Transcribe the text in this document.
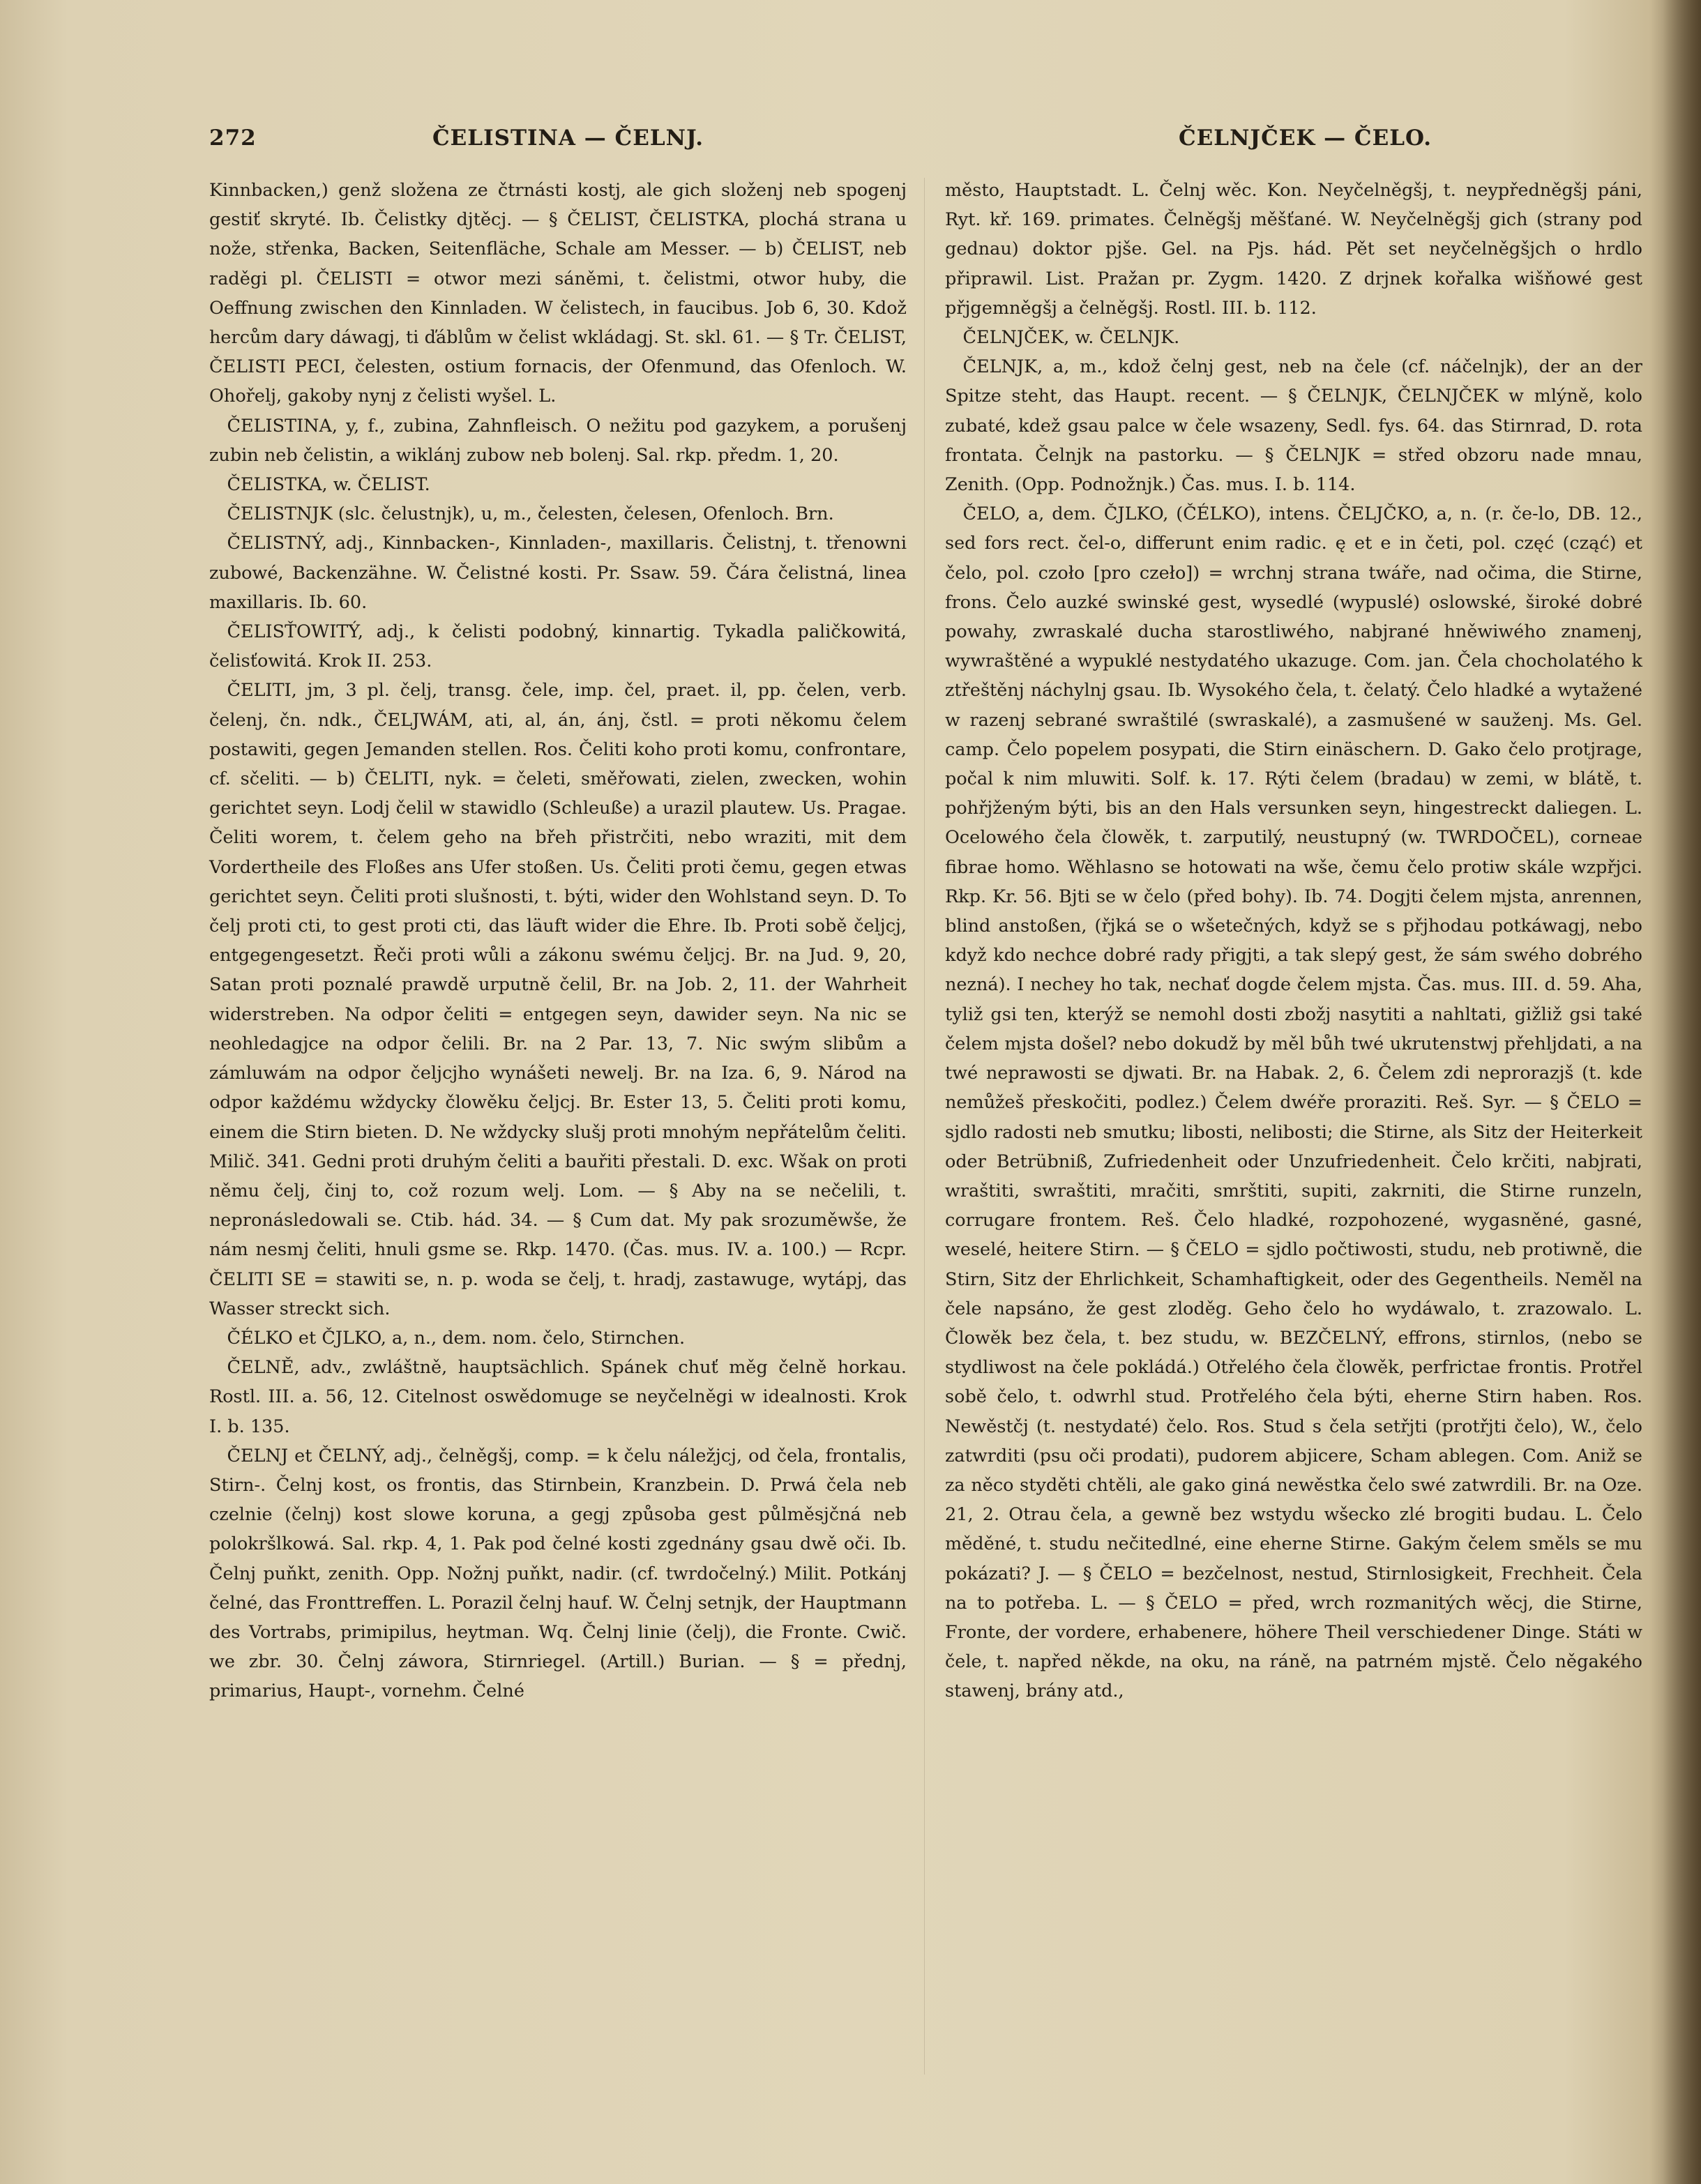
272	ČELISTINA — ČELNJ.	ČELNJČEK — ČELO.

Kinnbacken,) genž složena ze čtrnásti kostj, ale gich složenj neb spogenj gestiť skryté. Ib. Čelistky djtěcj. — § ČELIST, ČELISTKA, plochá strana u nože, střenka, Backen, Seitenfläche, Schale am Messer. — b) ČELIST, neb raděgi pl. ČELISTI = otwor mezi sáněmi, t. čelistmi, otwor huby, die Oeffnung zwischen den Kinnladen. W čelistech, in faucibus. Job 6, 30. Kdož hercům dary dáwagj, ti ďáblům w čelist wkládagj. St. skl. 61. — § Tr. ČELIST, ČELISTI PECI, čelesten, ostium fornacis, der Ofenmund, das Ofenloch. W. Ohořelj, gakoby nynj z čelisti wyšel. L.

ČELISTINA, y, f., zubina, Zahnfleisch. O nežitu pod gazykem, a porušenj zubin neb čelistin, a wiklánj zubow neb bolenj. Sal. rkp. předm. 1, 20.

ČELISTKA, w. ČELIST.

ČELISTNJK (slc. čelustnjk), u, m., čelesten, čelesen, Ofenloch. Brn.

ČELISTNÝ, adj., Kinnbacken-, Kinnladen-, maxillaris. Čelistnj, t. třenowni zubowé, Backenzähne. W. Čelistné kosti. Pr. Ssaw. 59. Čára čelistná, linea maxillaris. Ib. 60.

ČELISŤOWITÝ, adj., k čelisti podobný, kinnartig. Tykadla paličkowitá, čelisťowitá. Krok II. 253.

ČELITI, jm, 3 pl. čelj, transg. čele, imp. čel, praet. il, pp. čelen, verb. čelenj, čn. ndk., ČELJWÁM, ati, al, án, ánj, čstl. = proti někomu čelem postawiti, gegen Jemanden stellen. Ros. Čeliti koho proti komu, confrontare, cf. sčeliti. — b) ČELITI, nyk. = čeleti, směřowati, zielen, zwecken, wohin gerichtet seyn. Lodj čelil w stawidlo (Schleuße) a urazil plautew. Us. Pragae. Čeliti worem, t. čelem geho na břeh přistrčiti, nebo wraziti, mit dem Vordertheile des Floßes ans Ufer stoßen. Us. Čeliti proti čemu, gegen etwas gerichtet seyn. Čeliti proti slušnosti, t. býti, wider den Wohlstand seyn. D. To čelj proti cti, to gest proti cti, das läuft wider die Ehre. Ib. Proti sobě čeljcj, entgegengesetzt. Řeči proti wůli a zákonu swému čeljcj. Br. na Jud. 9, 20, Satan proti poznalé prawdě urputně čelil, Br. na Job. 2, 11. der Wahrheit widerstreben. Na odpor čeliti = entgegen seyn, dawider seyn. Na nic se neohledagjce na odpor čelili. Br. na 2 Par. 13, 7. Nic swým slibům a zámluwám na odpor čeljcjho wynášeti newelj. Br. na Iza. 6, 9. Národ na odpor každému wždycky člowěku čeljcj. Br. Ester 13, 5. Čeliti proti komu, einem die Stirn bieten. D. Ne wždycky slušj proti mnohým nepřátelům čeliti. Milič. 341. Gedni proti druhým čeliti a bauřiti přestali. D. exc. Wšak on proti němu čelj, činj to, což rozum welj. Lom. — § Aby na se nečelili, t. nepronásledowali se. Ctib. hád. 34. — § Cum dat. My pak srozuměwše, že nám nesmj čeliti, hnuli gsme se. Rkp. 1470. (Čas. mus. IV. a. 100.) — Rcpr. ČELITI SE = stawiti se, n. p. woda se čelj, t. hradj, zastawuge, wytápj, das Wasser streckt sich.

ČÉLKO et ČJLKO, a, n., dem. nom. čelo, Stirnchen.

ČELNĚ, adv., zwláštně, hauptsächlich. Spánek chuť měg čelně horkau. Rostl. III. a. 56, 12. Citelnost oswědomuge se neyčelněgi w idealnosti. Krok I. b. 135.

ČELNJ et ČELNÝ, adj., čelněgšj, comp. = k čelu náležjcj, od čela, frontalis, Stirn-. Čelnj kost, os frontis, das Stirnbein, Kranzbein. D. Prwá čela neb czelnie (čelnj) kost slowe koruna, a gegj způsoba gest půlměsjčná neb polokršlkowá. Sal. rkp. 4, 1. Pak pod čelné kosti zgednány gsau dwě oči. Ib. Čelnj puňkt, zenith. Opp. Nožnj puňkt, nadir. (cf. twrdočelný.) Milit. Potkánj čelné, das Fronttreffen. L. Porazil čelnj hauf. W. Čelnj setnjk, der Hauptmann des Vortrabs, primipilus, heytman. Wq. Čelnj linie (čelj), die Fronte. Cwič. we zbr. 30. Čelnj záwora, Stirnriegel. (Artill.) Burian. — § = přednj, primarius, Haupt-, vornehm. Čelné

město, Hauptstadt. L. Čelnj wěc. Kon. Neyčelněgšj, t. neypředněgšj páni, Ryt. kř. 169. primates. Čelněgšj měšťané. W. Neyčelněgšj gich (strany pod gednau) doktor pjše. Gel. na Pjs. hád. Pět set neyčelněgšjch o hrdlo připrawil. List. Pražan pr. Zygm. 1420. Z drjnek kořalka wišňowé gest přjgemněgšj a čelněgšj. Rostl. III. b. 112.

ČELNJČEK, w. ČELNJK.

ČELNJK, a, m., kdož čelnj gest, neb na čele (cf. náčelnjk), der an der Spitze steht, das Haupt. recent. — § ČELNJK, ČELNJČEK w mlýně, kolo zubaté, kdež gsau palce w čele wsazeny, Sedl. fys. 64. das Stirnrad, D. rota frontata. Čelnjk na pastorku. — § ČELNJK = střed obzoru nade mnau, Zenith. (Opp. Podnožnjk.) Čas. mus. I. b. 114.

ČELO, a, dem. ČJLKO, (ČÉLKO), intens. ČELJČKO, a, n. (r. če-lo, DB. 12., sed fors rect. čel-o, differunt enim radic. ę et e in četi, pol. częć (cząć) et čelo, pol. czoło [pro czeło]) = wrchnj strana twáře, nad očima, die Stirne, frons. Čelo auzké swinské gest, wysedlé (wypuslé) oslowské, široké dobré powahy, zwraskalé ducha starostliwého, nabjrané hněwiwého znamenj, wywraštěné a wypuklé nestydatého ukazuge. Com. jan. Čela chocholatého k ztřeštěnj náchylnj gsau. Ib. Wysokého čela, t. čelatý. Čelo hladké a wytažené w razenj sebrané swraštilé (swraskalé), a zasmušené w sauženj. Ms. Gel. camp. Čelo popelem posypati, die Stirn einäschern. D. Gako čelo protjrage, počal k nim mluwiti. Solf. k. 17. Rýti čelem (bradau) w zemi, w blátě, t. pohřjženým býti, bis an den Hals versunken seyn, hingestreckt daliegen. L. Ocelowého čela člowěk, t. zarputilý, neustupný (w. TWRDOČEL), corneae fibrae homo. Wěhlasno se hotowati na wše, čemu čelo protiw skále wzpřjci. Rkp. Kr. 56. Bjti se w čelo (před bohy). Ib. 74. Dogjti čelem mjsta, anrennen, blind anstoßen, (řjká se o wšetečných, když se s přjhodau potkáwagj, nebo když kdo nechce dobré rady přigjti, a tak slepý gest, že sám swého dobrého nezná). I nechey ho tak, nechať dogde čelem mjsta. Čas. mus. III. d. 59. Aha, tyliž gsi ten, kterýž se nemohl dosti zbožj nasytiti a nahltati, gižliž gsi také čelem mjsta došel? nebo dokudž by měl bůh twé ukrutenstwj přehljdati, a na twé neprawosti se djwati. Br. na Habak. 2, 6. Čelem zdi neprorazjš (t. kde nemůžeš přeskočiti, podlez.) Čelem dwéře proraziti. Reš. Syr. — § ČELO = sjdlo radosti neb smutku; libosti, nelibosti; die Stirne, als Sitz der Heiterkeit oder Betrübniß, Zufriedenheit oder Unzufriedenheit. Čelo krčiti, nabjrati, wraštiti, swraštiti, mračiti, smrštiti, supiti, zakrniti, die Stirne runzeln, corrugare frontem. Reš. Čelo hladké, rozpohozené, wygasněné, gasné, weselé, heitere Stirn. — § ČELO = sjdlo počtiwosti, studu, neb protiwně, die Stirn, Sitz der Ehrlichkeit, Schamhaftigkeit, oder des Gegentheils. Neměl na čele napsáno, že gest zloděg. Geho čelo ho wydáwalo, t. zrazowalo. L. Člowěk bez čela, t. bez studu, w. BEZČELNÝ, effrons, stirnlos, (nebo se stydliwost na čele pokládá.) Otřelého čela člowěk, perfrictae frontis. Protřel sobě čelo, t. odwrhl stud. Protřelého čela býti, eherne Stirn haben. Ros. Newěstčj (t. nestydaté) čelo. Ros. Stud s čela setřjti (protřjti čelo), W., čelo zatwrditi (psu oči prodati), pudorem abjicere, Scham ablegen. Com. Aniž se za něco styděti chtěli, ale gako giná newěstka čelo swé zatwrdili. Br. na Oze. 21, 2. Otrau čela, a gewně bez wstydu wšecko zlé brogiti budau. L. Čelo měděné, t. studu nečitedlné, eine eherne Stirne. Gakým čelem směls se mu pokázati? J. — § ČELO = bezčelnost, nestud, Stirnlosigkeit, Frechheit. Čela na to potřeba. L. — § ČELO = před, wrch rozmanitých wěcj, die Stirne, Fronte, der vordere, erhabenere, höhere Theil verschiedener Dinge. Státi w čele, t. napřed někde, na oku, na ráně, na patrném mjstě. Čelo něgakého stawenj, brány atd.,
